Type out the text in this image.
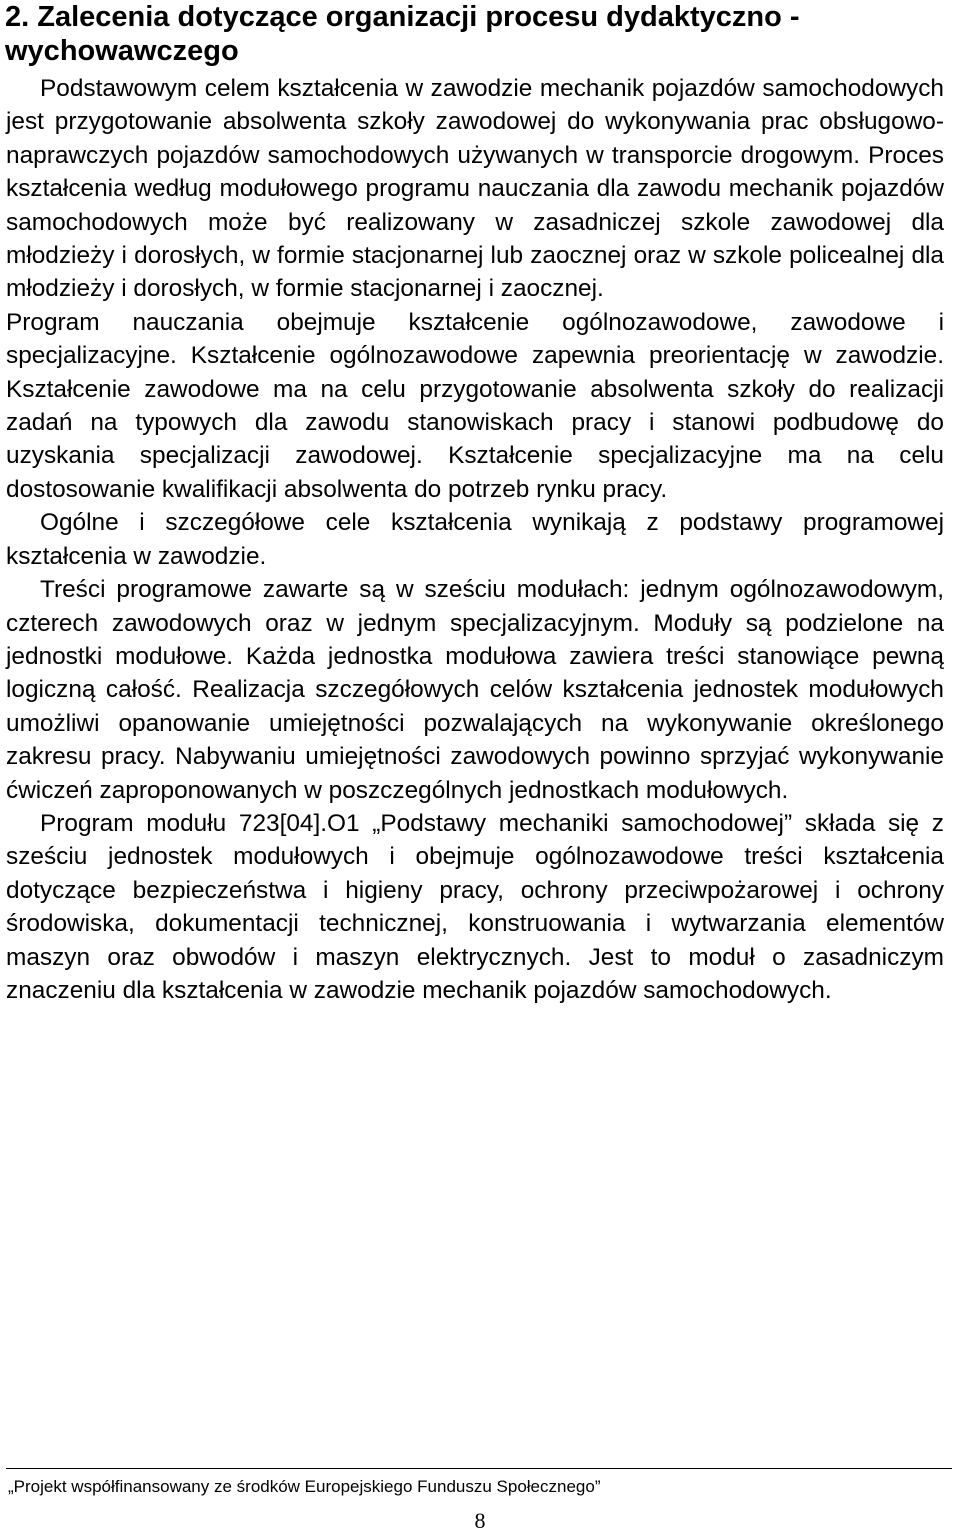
2. Zalecenia dotyczące organizacji procesu dydaktyczno - wychowawczego

Podstawowym celem kształcenia w zawodzie mechanik pojazdów samochodowych jest przygotowanie absolwenta szkoły zawodowej do wykonywania prac obsługowo-naprawczych pojazdów samochodowych używanych w transporcie drogowym. Proces kształcenia według modułowego programu nauczania dla zawodu mechanik pojazdów samochodowych może być realizowany w zasadniczej szkole zawodowej dla młodzieży i dorosłych, w formie stacjonarnej lub zaocznej oraz w szkole policealnej dla młodzieży i dorosłych, w formie stacjonarnej i zaocznej.

Program nauczania obejmuje kształcenie ogólnozawodowe, zawodowe i specjalizacyjne. Kształcenie ogólnozawodowe zapewnia preorientację w zawodzie. Kształcenie zawodowe ma na celu przygotowanie absolwenta szkoły do realizacji zadań na typowych dla zawodu stanowiskach pracy i stanowi podbudowę do uzyskania specjalizacji zawodowej. Kształcenie specjalizacyjne ma na celu dostosowanie kwalifikacji absolwenta do potrzeb rynku pracy.

Ogólne i szczegółowe cele kształcenia wynikają z podstawy programowej kształcenia w zawodzie.

Treści programowe zawarte są w sześciu modułach: jednym ogólnozawodowym, czterech zawodowych oraz w jednym specjalizacyjnym. Moduły są podzielone na jednostki modułowe. Każda jednostka modułowa zawiera treści stanowiące pewną logiczną całość. Realizacja szczegółowych celów kształcenia jednostek modułowych umożliwi opanowanie umiejętności pozwalających na wykonywanie określonego zakresu pracy. Nabywaniu umiejętności zawodowych powinno sprzyjać wykonywanie ćwiczeń zaproponowanych w poszczególnych jednostkach modułowych.

Program modułu 723[04].O1 „Podstawy mechaniki samochodowej” składa się z sześciu jednostek modułowych i obejmuje ogólnozawodowe treści kształcenia dotyczące bezpieczeństwa i higieny pracy, ochrony przeciwpożarowej i ochrony środowiska, dokumentacji technicznej, konstruowania i wytwarzania elementów maszyn oraz obwodów i maszyn elektrycznych. Jest to moduł o zasadniczym znaczeniu dla kształcenia w zawodzie mechanik pojazdów samochodowych.

„Projekt współfinansowany ze środków Europejskiego Funduszu Społecznego”
8
